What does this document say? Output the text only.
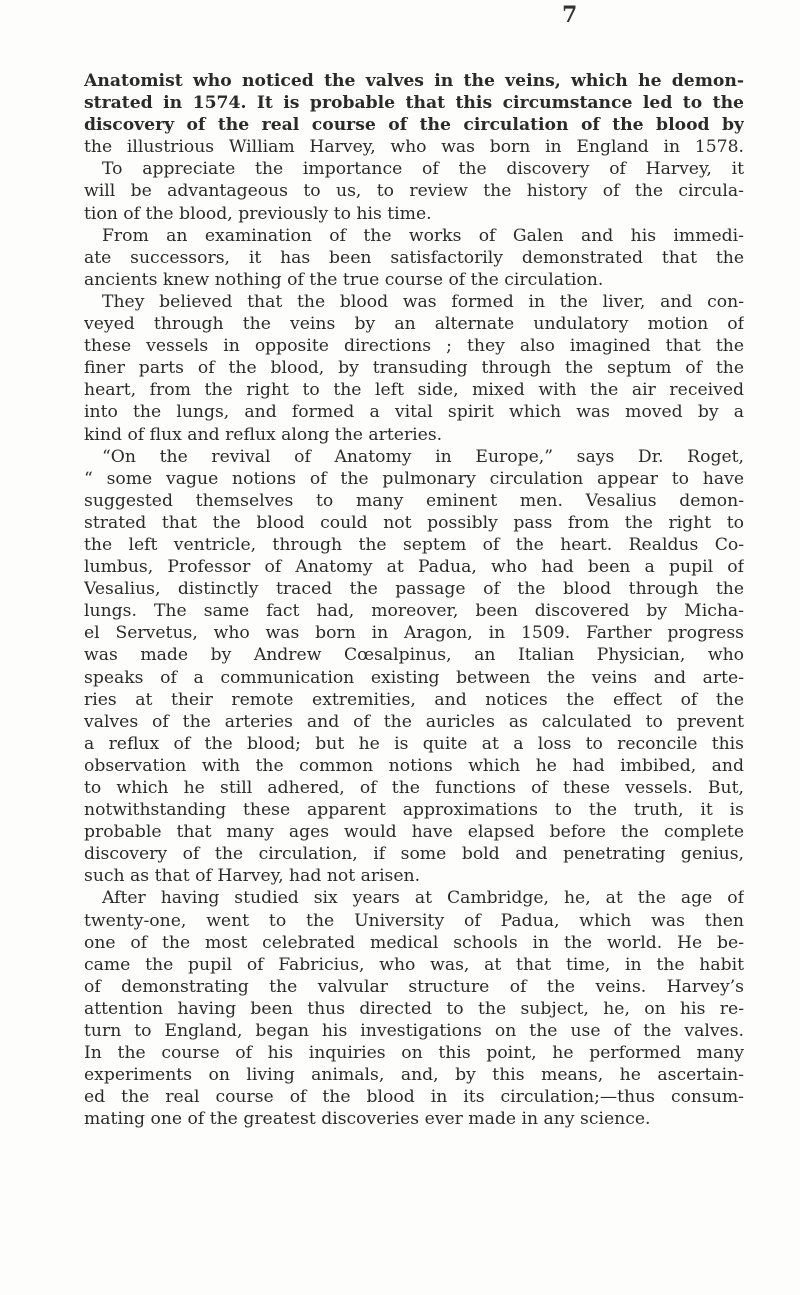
7
Anatomist who noticed the valves in the veins, which he demon-
strated in 1574. It is probable that this circumstance led to the
discovery of the real course of the circulation of the blood by
the illustrious William Harvey, who was born in England in 1578.
To appreciate the importance of the discovery of Harvey, it
will be advantageous to us, to review the history of the circula-
tion of the blood, previously to his time.
From an examination of the works of Galen and his immedi-
ate successors, it has been satisfactorily demonstrated that the
ancients knew nothing of the true course of the circulation.
They believed that the blood was formed in the liver, and con-
veyed through the veins by an alternate undulatory motion of
these vessels in opposite directions ; they also imagined that the
finer parts of the blood, by transuding through the septum of the
heart, from the right to the left side, mixed with the air received
into the lungs, and formed a vital spirit which was moved by a
kind of flux and reflux along the arteries.
“On the revival of Anatomy in Europe,” says Dr. Roget,
“ some vague notions of the pulmonary circulation appear to have
suggested themselves to many eminent men. Vesalius demon-
strated that the blood could not possibly pass from the right to
the left ventricle, through the septem of the heart. Realdus Co-
lumbus, Professor of Anatomy at Padua, who had been a pupil of
Vesalius, distinctly traced the passage of the blood through the
lungs. The same fact had, moreover, been discovered by Micha-
el Servetus, who was born in Aragon, in 1509. Farther progress
was made by Andrew Cœsalpinus, an Italian Physician, who
speaks of a communication existing between the veins and arte-
ries at their remote extremities, and notices the effect of the
valves of the arteries and of the auricles as calculated to prevent
a reflux of the blood; but he is quite at a loss to reconcile this
observation with the common notions which he had imbibed, and
to which he still adhered, of the functions of these vessels. But,
notwithstanding these apparent approximations to the truth, it is
probable that many ages would have elapsed before the complete
discovery of the circulation, if some bold and penetrating genius,
such as that of Harvey, had not arisen.
After having studied six years at Cambridge, he, at the age of
twenty-one, went to the University of Padua, which was then
one of the most celebrated medical schools in the world. He be-
came the pupil of Fabricius, who was, at that time, in the habit
of demonstrating the valvular structure of the veins. Harvey’s
attention having been thus directed to the subject, he, on his re-
turn to England, began his investigations on the use of the valves.
In the course of his inquiries on this point, he performed many
experiments on living animals, and, by this means, he ascertain-
ed the real course of the blood in its circulation;—thus consum-
mating one of the greatest discoveries ever made in any science.
